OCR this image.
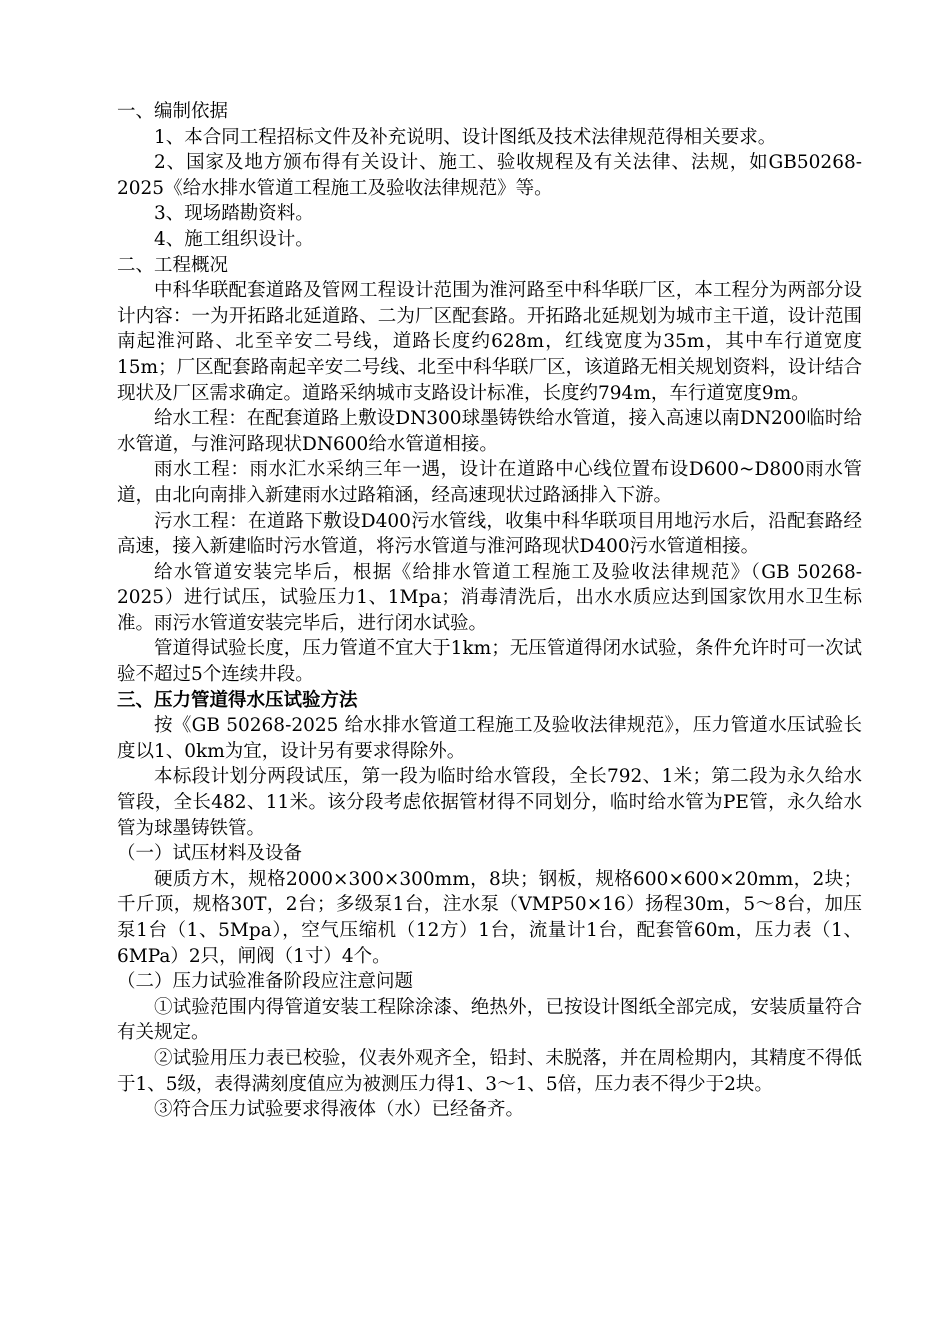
一、编制依据

1、本合同工程招标文件及补充说明、设计图纸及技术法律规范得相关要求。

2、国家及地方颁布得有关设计、施工、验收规程及有关法律、法规，如GB50268-2025《给水排水管道工程施工及验收法律规范》等。

3、现场踏勘资料。

4、施工组织设计。

二、工程概况

中科华联配套道路及管网工程设计范围为淮河路至中科华联厂区，本工程分为两部分设计内容：一为开拓路北延道路、二为厂区配套路。开拓路北延规划为城市主干道，设计范围南起淮河路、北至辛安二号线，道路长度约628m，红线宽度为35m，其中车行道宽度15m；厂区配套路南起辛安二号线、北至中科华联厂区，该道路无相关规划资料，设计结合现状及厂区需求确定。道路采纳城市支路设计标准，长度约794m，车行道宽度9m。

给水工程：在配套道路上敷设DN300球墨铸铁给水管道，接入高速以南DN200临时给水管道，与淮河路现状DN600给水管道相接。

雨水工程：雨水汇水采纳三年一遇，设计在道路中心线位置布设D600~D800雨水管道，由北向南排入新建雨水过路箱涵，经高速现状过路涵排入下游。

污水工程：在道路下敷设D400污水管线，收集中科华联项目用地污水后，沿配套路经高速，接入新建临时污水管道，将污水管道与淮河路现状D400污水管道相接。

给水管道安装完毕后，根据《给排水管道工程施工及验收法律规范》（GB 50268-2025）进行试压，试验压力1、1Mpa；消毒清洗后，出水水质应达到国家饮用水卫生标准。雨污水管道安装完毕后，进行闭水试验。

管道得试验长度，压力管道不宜大于1km；无压管道得闭水试验，条件允许时可一次试验不超过5个连续井段。

三、压力管道得水压试验方法

按《GB 50268-2025 给水排水管道工程施工及验收法律规范》，压力管道水压试验长度以1、0km为宜，设计另有要求得除外。

本标段计划分两段试压，第一段为临时给水管段，全长792、1米；第二段为永久给水管段，全长482、11米。该分段考虑依据管材得不同划分，临时给水管为PE管，永久给水管为球墨铸铁管。

（一）试压材料及设备

硬质方木，规格2000×300×300mm，8块；钢板，规格600×600×20mm，2块；千斤顶，规格30T，2台；多级泵1台，注水泵（VMP50×16）扬程30m，5～8台，加压泵1台（1、5Mpa），空气压缩机（12方）1台，流量计1台，配套管60m，压力表（1、6MPa）2只，闸阀（1寸）4个。

（二）压力试验准备阶段应注意问题

①试验范围内得管道安装工程除涂漆、绝热外，已按设计图纸全部完成，安装质量符合有关规定。

②试验用压力表已校验，仪表外观齐全，铅封、未脱落，并在周检期内，其精度不得低于1、5级，表得满刻度值应为被测压力得1、3～1、5倍，压力表不得少于2块。

③符合压力试验要求得液体（水）已经备齐。
